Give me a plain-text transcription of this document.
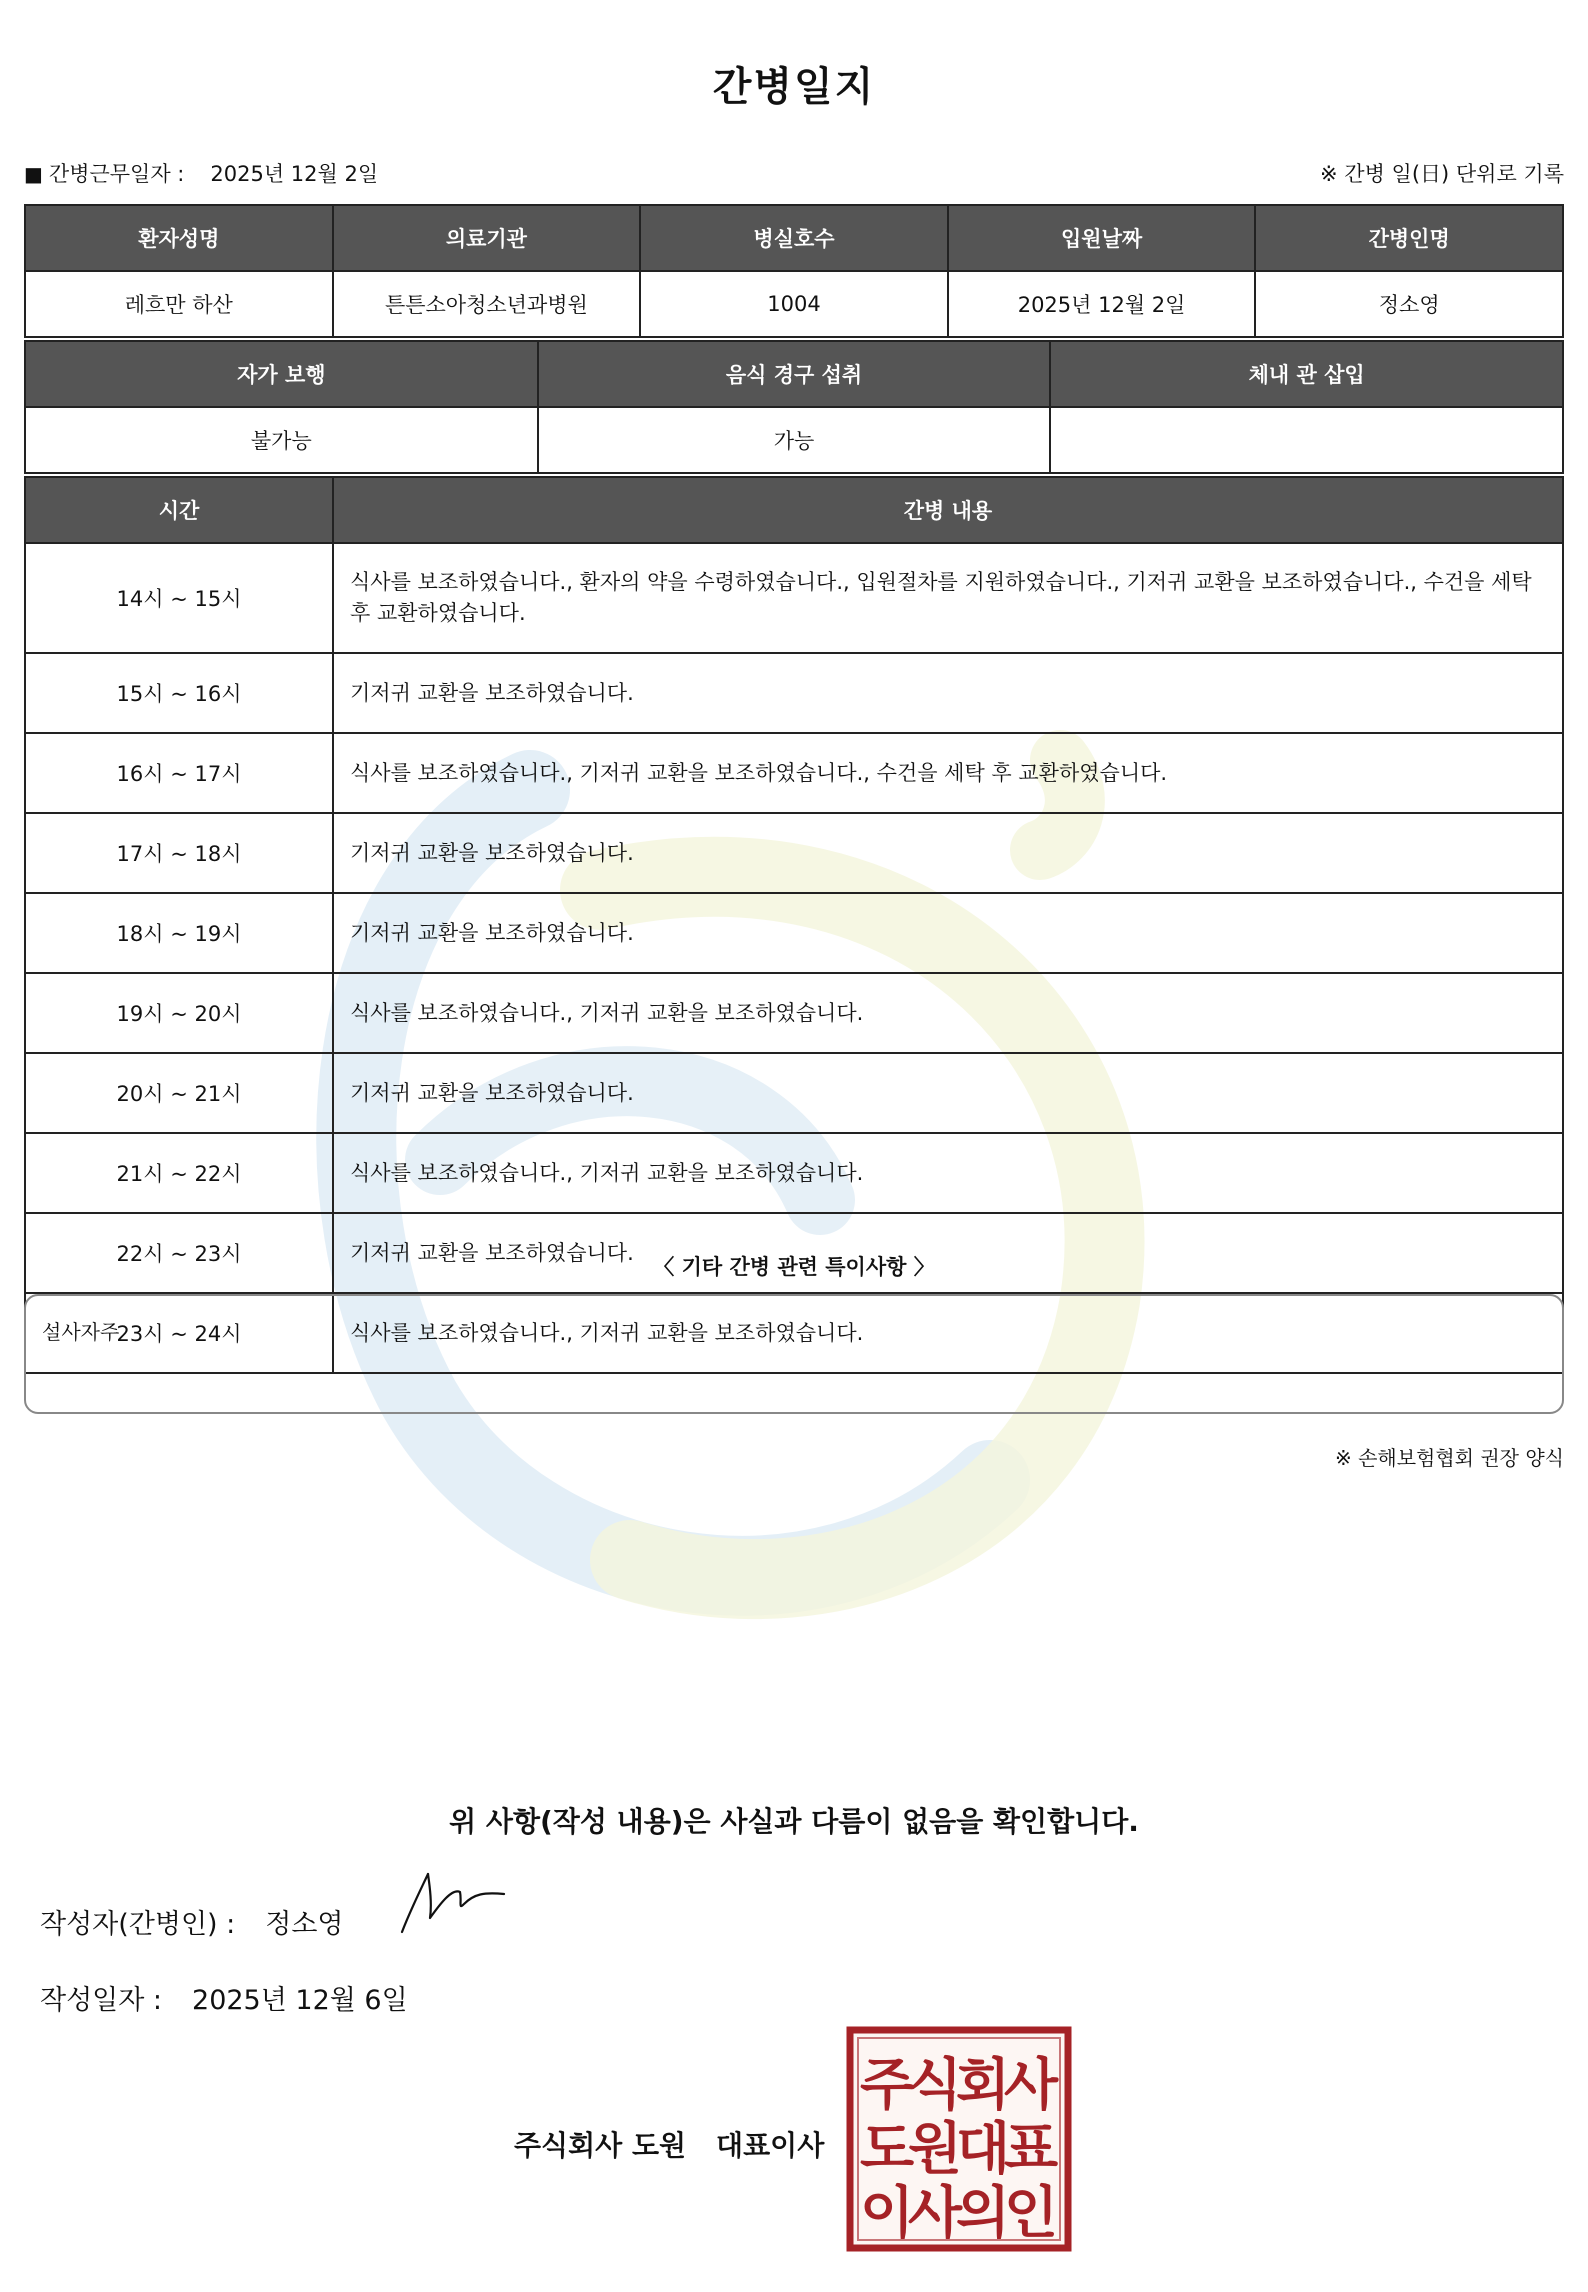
간병일지
■ 간병근무일자 : 2025년 12월 2일	※ 간병 일(日) 단위로 기록
환자성명	의료기관	병실호수	입원날짜	간병인명
레흐만 하산	튼튼소아청소년과병원	1004	2025년 12월 2일	정소영
자가 보행	음식 경구 섭취	체내 관 삽입
불가능	가능	
시간	간병 내용
14시 ~ 15시	식사를 보조하였습니다., 환자의 약을 수령하였습니다., 입원절차를 지원하였습니다., 기저귀 교환을 보조하였습니다., 수건을 세탁 후 교환하였습니다.
15시 ~ 16시	기저귀 교환을 보조하였습니다.
16시 ~ 17시	식사를 보조하였습니다., 기저귀 교환을 보조하였습니다., 수건을 세탁 후 교환하였습니다.
17시 ~ 18시	기저귀 교환을 보조하였습니다.
18시 ~ 19시	기저귀 교환을 보조하였습니다.
19시 ~ 20시	식사를 보조하였습니다., 기저귀 교환을 보조하였습니다.
20시 ~ 21시	기저귀 교환을 보조하였습니다.
21시 ~ 22시	식사를 보조하였습니다., 기저귀 교환을 보조하였습니다.
22시 ~ 23시	기저귀 교환을 보조하였습니다.
23시 ~ 24시	식사를 보조하였습니다., 기저귀 교환을 보조하였습니다.
〈 기타 간병 관련 특이사항 〉
설사자주
※ 손해보험협회 권장 양식
위 사항(작성 내용)은 사실과 다름이 없음을 확인합니다.
작성자(간병인) : 정소영
작성일자 : 2025년 12월 6일
주식회사 도원 대표이사
주
식
회
사
도
원
대
표
이
사
의
인
